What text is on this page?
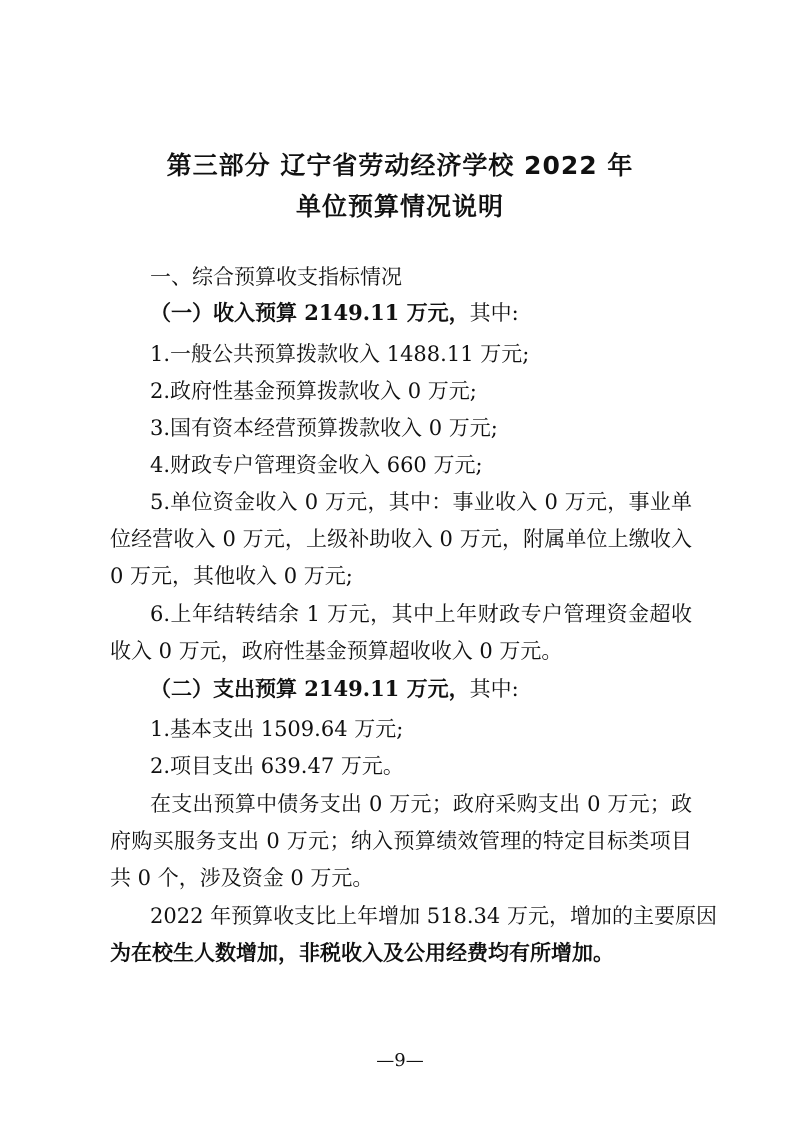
第三部分 辽宁省劳动经济学校 2022 年
单位预算情况说明
一、综合预算收支指标情况
（一）收入预算 2149.11 万元，其中:
1.一般公共预算拨款收入 1488.11 万元;
2.政府性基金预算拨款收入 0 万元;
3.国有资本经营预算拨款收入 0 万元;
4.财政专户管理资金收入 660 万元;
5.单位资金收入 0 万元，其中：事业收入 0 万元，事业单
位经营收入 0 万元，上级补助收入 0 万元，附属单位上缴收入
0 万元，其他收入 0 万元;
6.上年结转结余 1 万元，其中上年财政专户管理资金超收
收入 0 万元，政府性基金预算超收收入 0 万元。
（二）支出预算 2149.11 万元，其中:
1.基本支出 1509.64 万元;
2.项目支出 639.47 万元。
在支出预算中债务支出 0 万元；政府采购支出 0 万元；政
府购买服务支出 0 万元；纳入预算绩效管理的特定目标类项目
共 0 个，涉及资金 0 万元。
2022 年预算收支比上年增加 518.34 万元，增加的主要原因
为在校生人数增加，非税收入及公用经费均有所增加。
—9—
